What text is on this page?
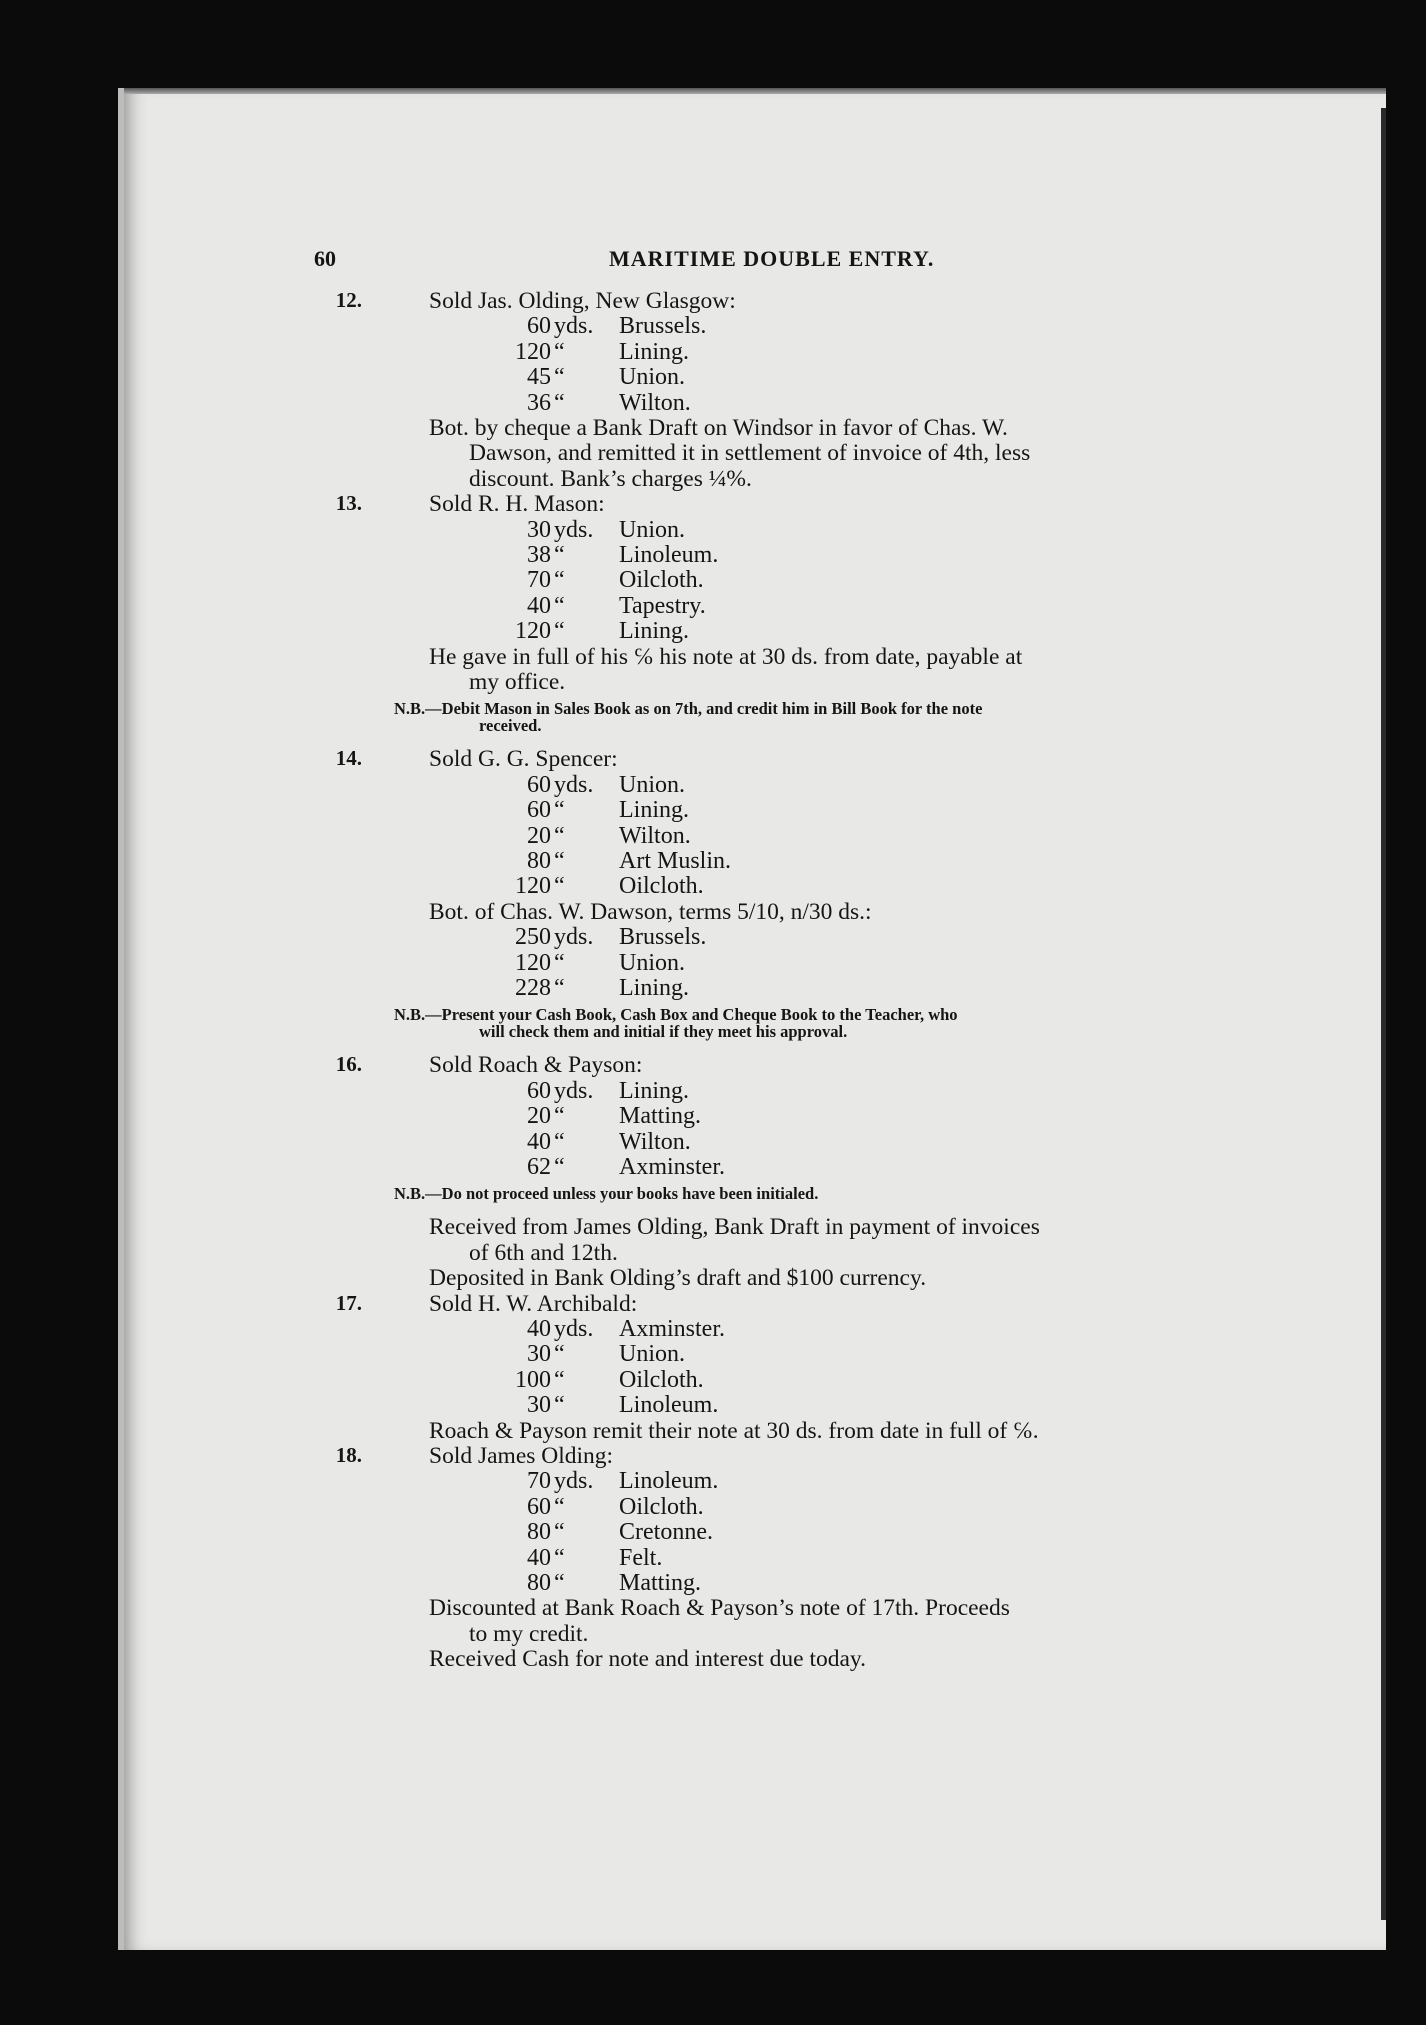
60	MARITIME DOUBLE ENTRY.
12.	Sold Jas. Olding, New Glasgow:
60 yds. Brussels.
120 “ Lining.
45 “ Union.
36 “ Wilton.
Bot. by cheque a Bank Draft on Windsor in favor of Chas. W.
Dawson, and remitted it in settlement of invoice of 4th, less
discount. Bank’s charges ¼%.
13.	Sold R. H. Mason:
30 yds. Union.
38 “ Linoleum.
70 “ Oilcloth.
40 “ Tapestry.
120 “ Lining.
He gave in full of his ℅ his note at 30 ds. from date, payable at
my office.
N.B.—Debit Mason in Sales Book as on 7th, and credit him in Bill Book for the note
received.
14.	Sold G. G. Spencer:
60 yds. Union.
60 “ Lining.
20 “ Wilton.
80 “ Art Muslin.
120 “ Oilcloth.
Bot. of Chas. W. Dawson, terms 5/10, n/30 ds.:
250 yds. Brussels.
120 “ Union.
228 “ Lining.
N.B.—Present your Cash Book, Cash Box and Cheque Book to the Teacher, who
will check them and initial if they meet his approval.
16.	Sold Roach & Payson:
60 yds. Lining.
20 “ Matting.
40 “ Wilton.
62 “ Axminster.
N.B.—Do not proceed unless your books have been initialed.
Received from James Olding, Bank Draft in payment of invoices
of 6th and 12th.
Deposited in Bank Olding’s draft and $100 currency.
17.	Sold H. W. Archibald:
40 yds. Axminster.
30 “ Union.
100 “ Oilcloth.
30 “ Linoleum.
Roach & Payson remit their note at 30 ds. from date in full of ℅.
18.	Sold James Olding:
70 yds. Linoleum.
60 “ Oilcloth.
80 “ Cretonne.
40 “ Felt.
80 “ Matting.
Discounted at Bank Roach & Payson’s note of 17th. Proceeds
to my credit.
Received Cash for note and interest due today.
